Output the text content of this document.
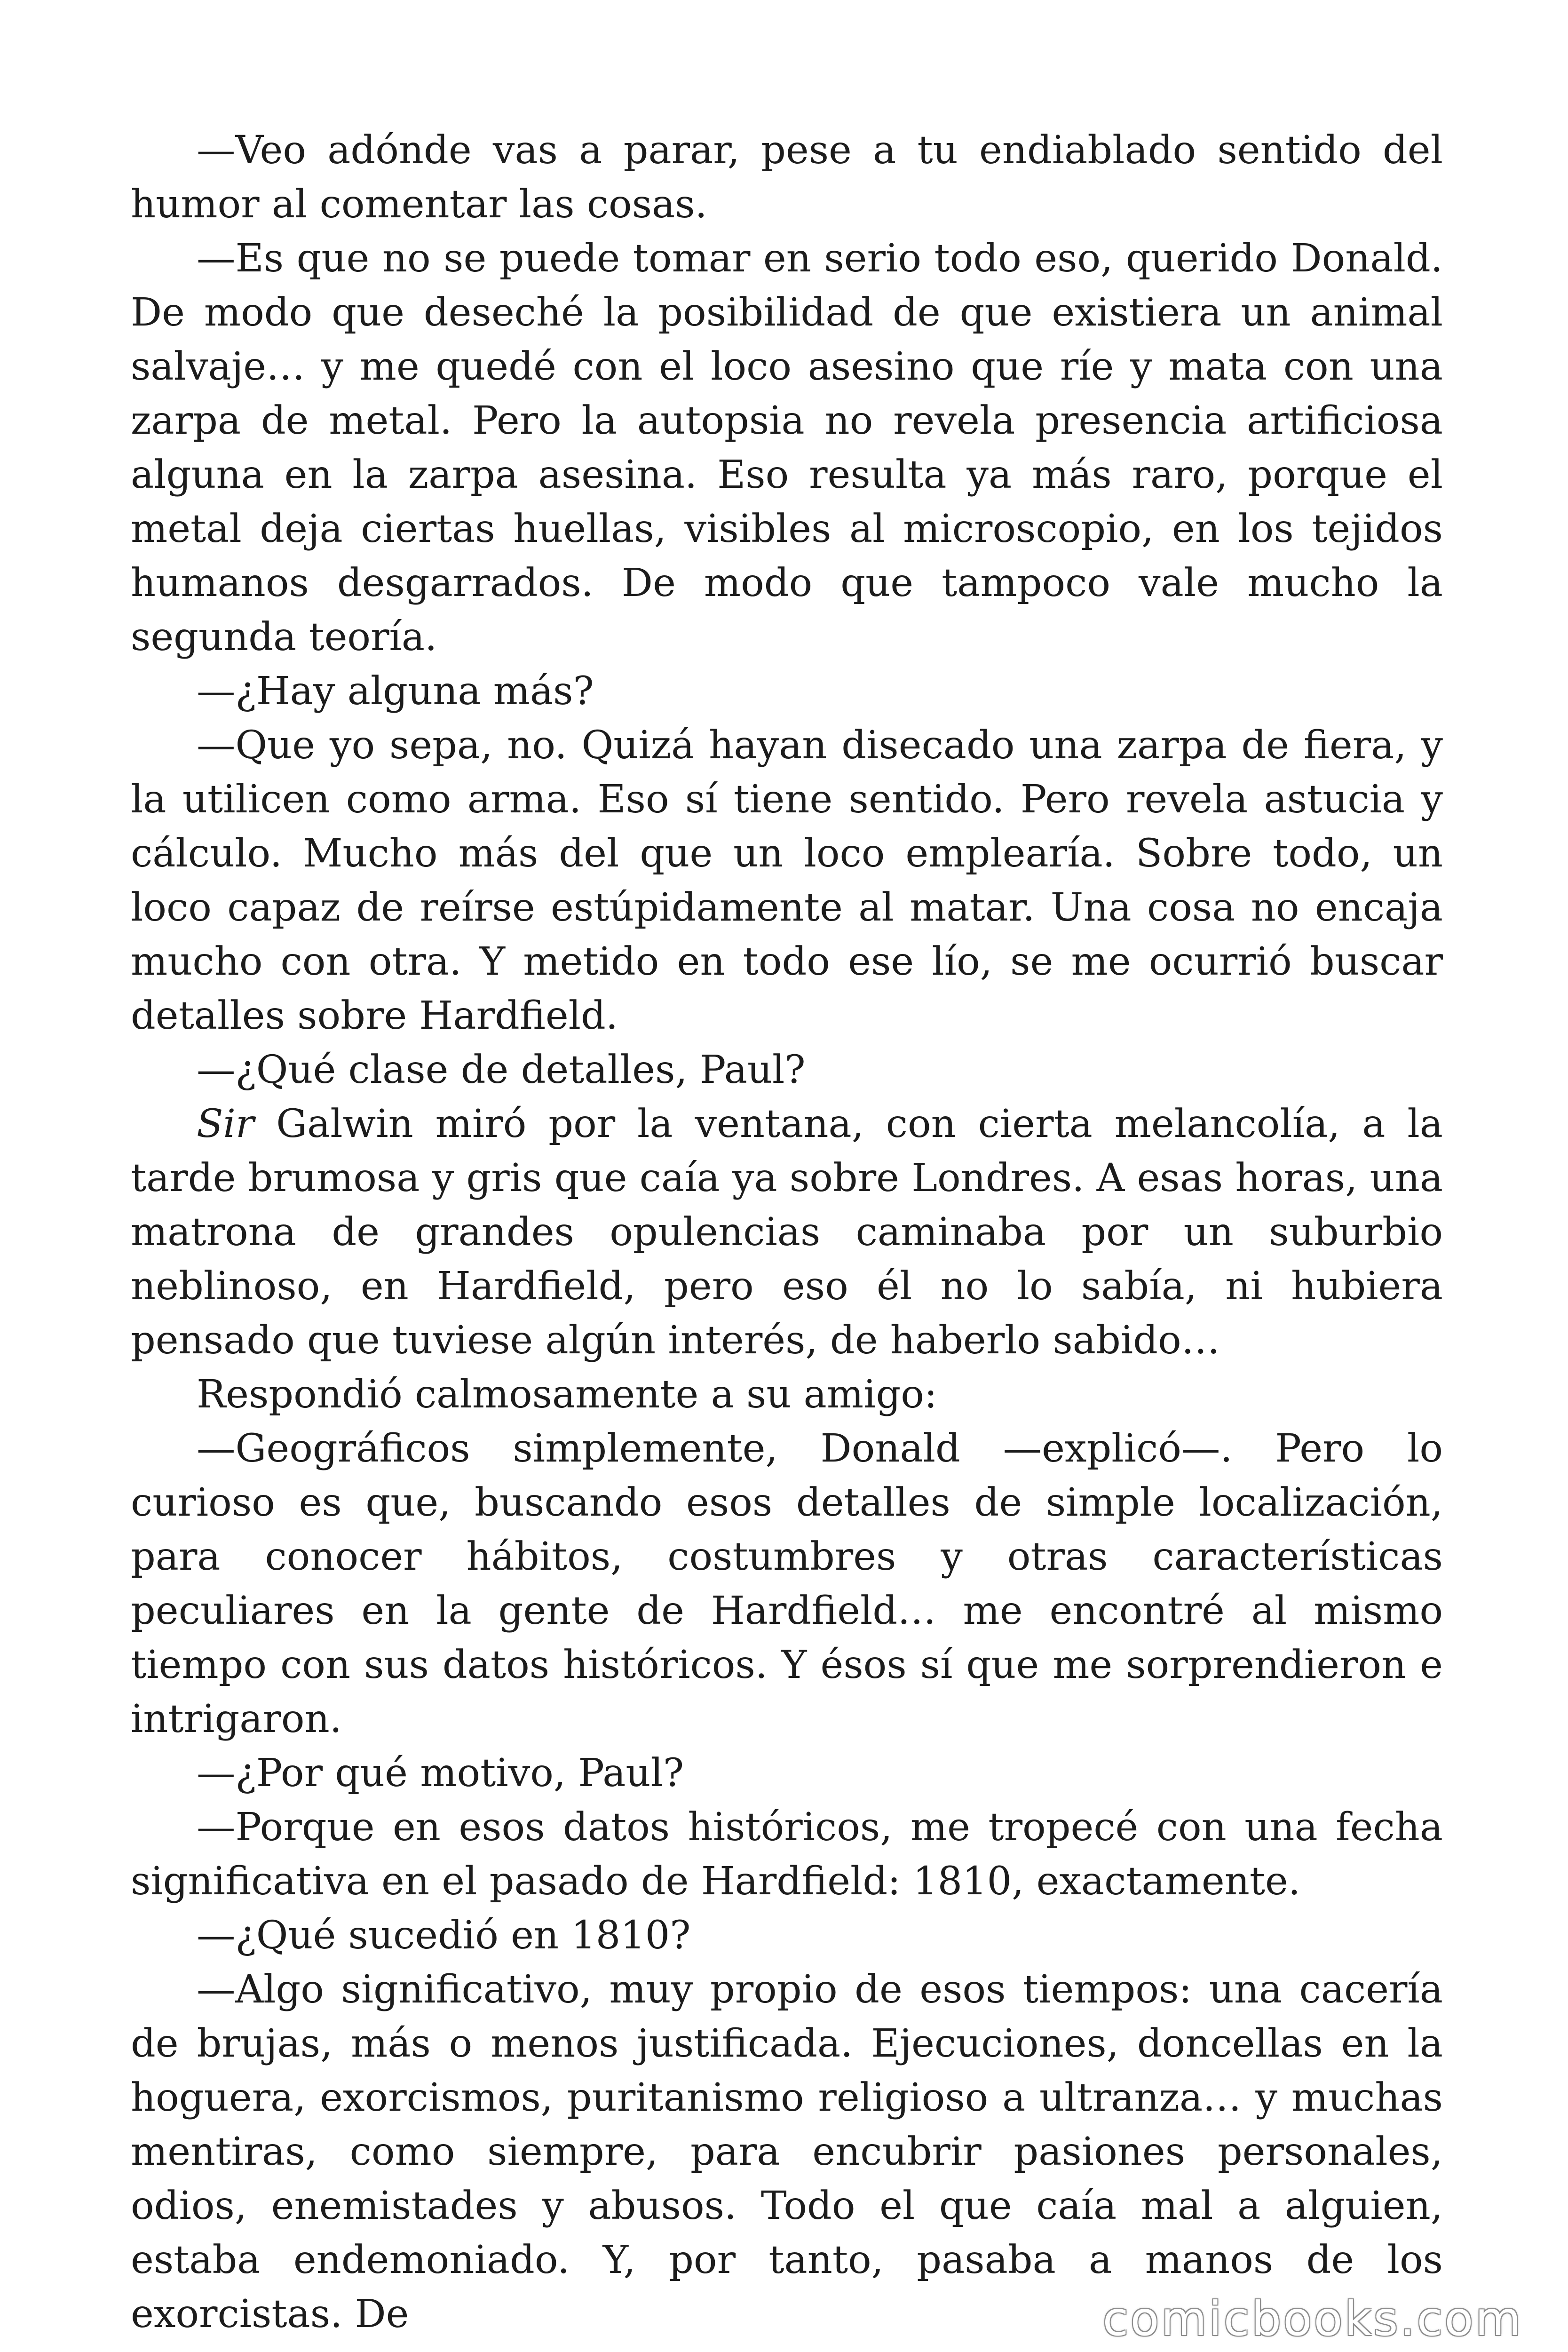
—Veo adónde vas a parar, pese a tu endiablado sentido del humor al comentar las cosas.

—Es que no se puede tomar en serio todo eso, querido Donald. De modo que deseché la posibilidad de que existiera un animal salvaje… y me quedé con el loco asesino que ríe y mata con una zarpa de metal. Pero la autopsia no revela presencia artificiosa alguna en la zarpa asesina. Eso resulta ya más raro, porque el metal deja ciertas huellas, visibles al microscopio, en los tejidos humanos desgarrados. De modo que tampoco vale mucho la segunda teoría.

—¿Hay alguna más?

—Que yo sepa, no. Quizá hayan disecado una zarpa de fiera, y la utilicen como arma. Eso sí tiene sentido. Pero revela astucia y cálculo. Mucho más del que un loco emplearía. Sobre todo, un loco capaz de reírse estúpidamente al matar. Una cosa no encaja mucho con otra. Y metido en todo ese lío, se me ocurrió buscar detalles sobre Hardfield.

—¿Qué clase de detalles, Paul?

Sir Galwin miró por la ventana, con cierta melancolía, a la tarde brumosa y gris que caía ya sobre Londres. A esas horas, una matrona de grandes opulencias caminaba por un suburbio neblinoso, en Hardfield, pero eso él no lo sabía, ni hubiera pensado que tuviese algún interés, de haberlo sabido…

Respondió calmosamente a su amigo:

—Geográficos simplemente, Donald —explicó—. Pero lo curioso es que, buscando esos detalles de simple localización, para conocer hábitos, costumbres y otras características peculiares en la gente de Hardfield… me encontré al mismo tiempo con sus datos históricos. Y ésos sí que me sorprendieron e intrigaron.

—¿Por qué motivo, Paul?

—Porque en esos datos históricos, me tropecé con una fecha significativa en el pasado de Hardfield: 1810, exactamente.

—¿Qué sucedió en 1810?

—Algo significativo, muy propio de esos tiempos: una cacería de brujas, más o menos justificada. Ejecuciones, doncellas en la hoguera, exorcismos, puritanismo religioso a ultranza… y muchas mentiras, como siempre, para encubrir pasiones personales, odios, enemistades y abusos. Todo el que caía mal a alguien, estaba endemoniado. Y, por tanto, pasaba a manos de los exorcistas. De	comicbooks.com
